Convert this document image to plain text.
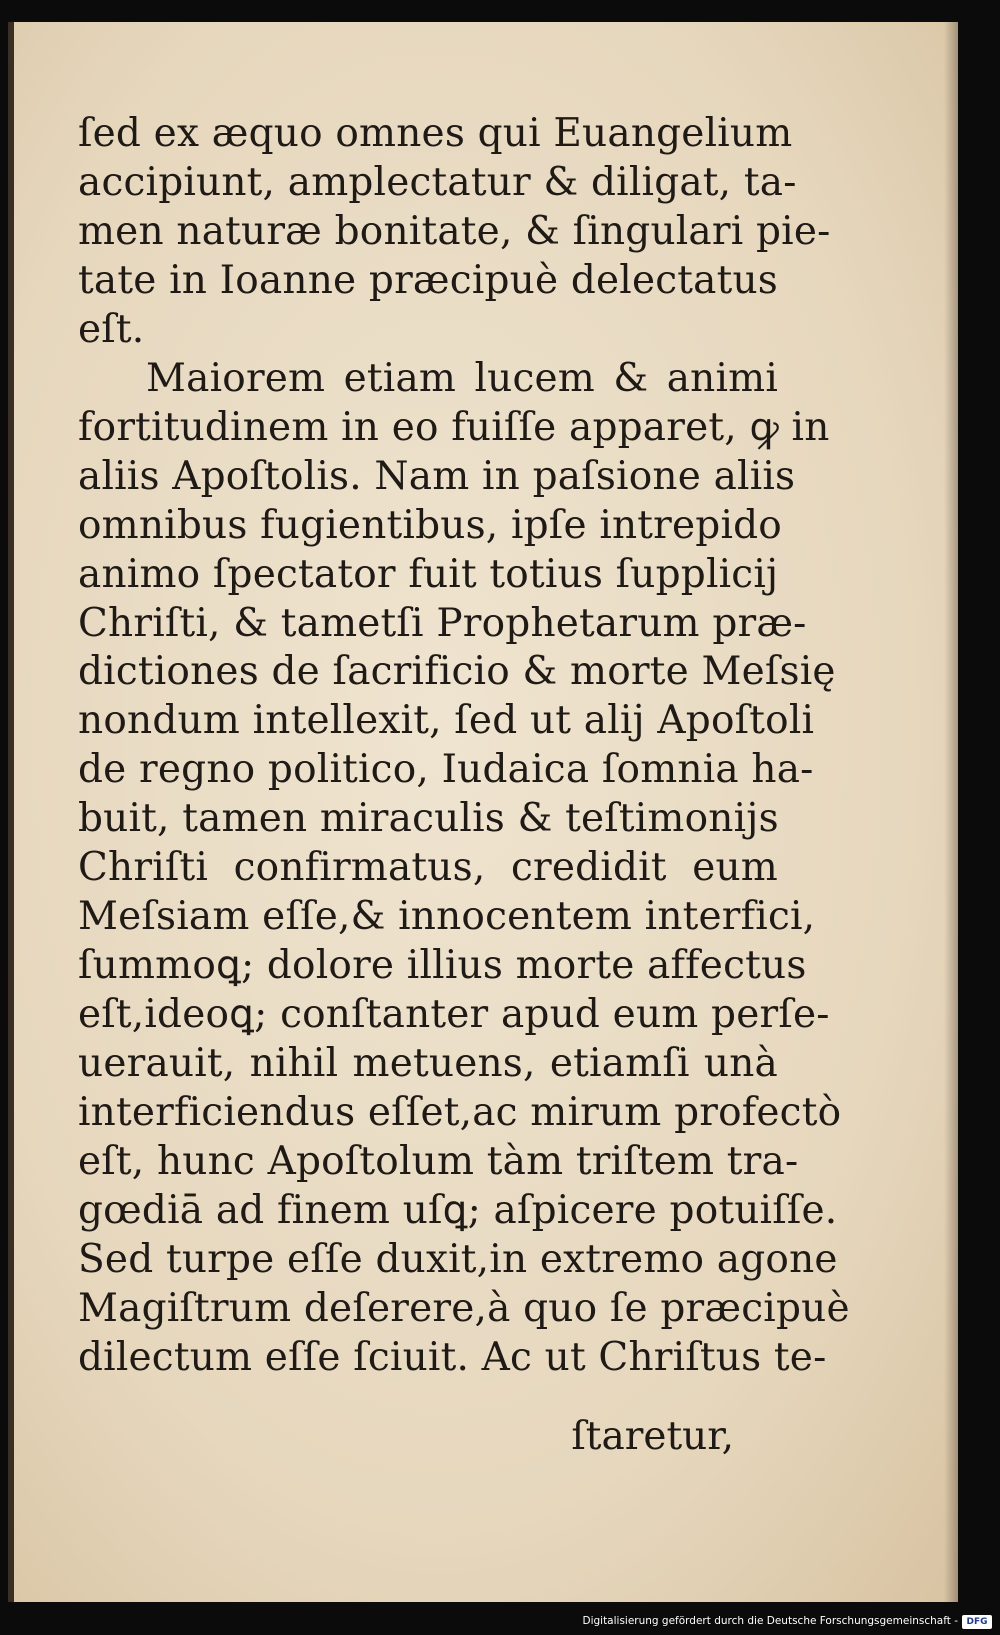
ſed ex æquo omnes qui Euangelium
accipiunt, amplectatur & diligat, ta-
men naturæ bonitate, & ſingulari pie-
tate in Ioanne præcipuè delectatus
eſt.
Maiorem etiam lucem & animi
fortitudinem in eo fuiſſe apparet, ꝙ in
aliis Apoſtolis. Nam in paſsione aliis
omnibus fugientibus, ipſe intrepido
animo ſpectator fuit totius ſupplicij
Chriſti, & tametſi Prophetarum præ-
dictiones de ſacrificio & morte Meſsię
nondum intellexit, ſed ut alij Apoſtoli
de regno politico, Iudaica ſomnia ha-
buit, tamen miraculis & teſtimonijs
Chriſti confirmatus, credidit eum
Meſsiam eſſe,& innocentem interfici,
ſummoꝗ; dolore illius morte affectus
eſt,ideoꝗ; conſtanter apud eum perſe-
uerauit, nihil metuens, etiamſi unà
interficiendus eſſet,ac mirum profectò
eſt, hunc Apoſtolum tàm triſtem tra-
gœdiā ad finem uſꝗ; aſpicere potuiſſe.
Sed turpe eſſe duxit,in extremo agone
Magiſtrum deſerere,à quo ſe præcipuè
dilectum eſſe ſciuit. Ac ut Chriſtus te-
ſtaretur,
Digitalisierung gefördert durch die Deutsche Forschungsgemeinschaft - DFG
